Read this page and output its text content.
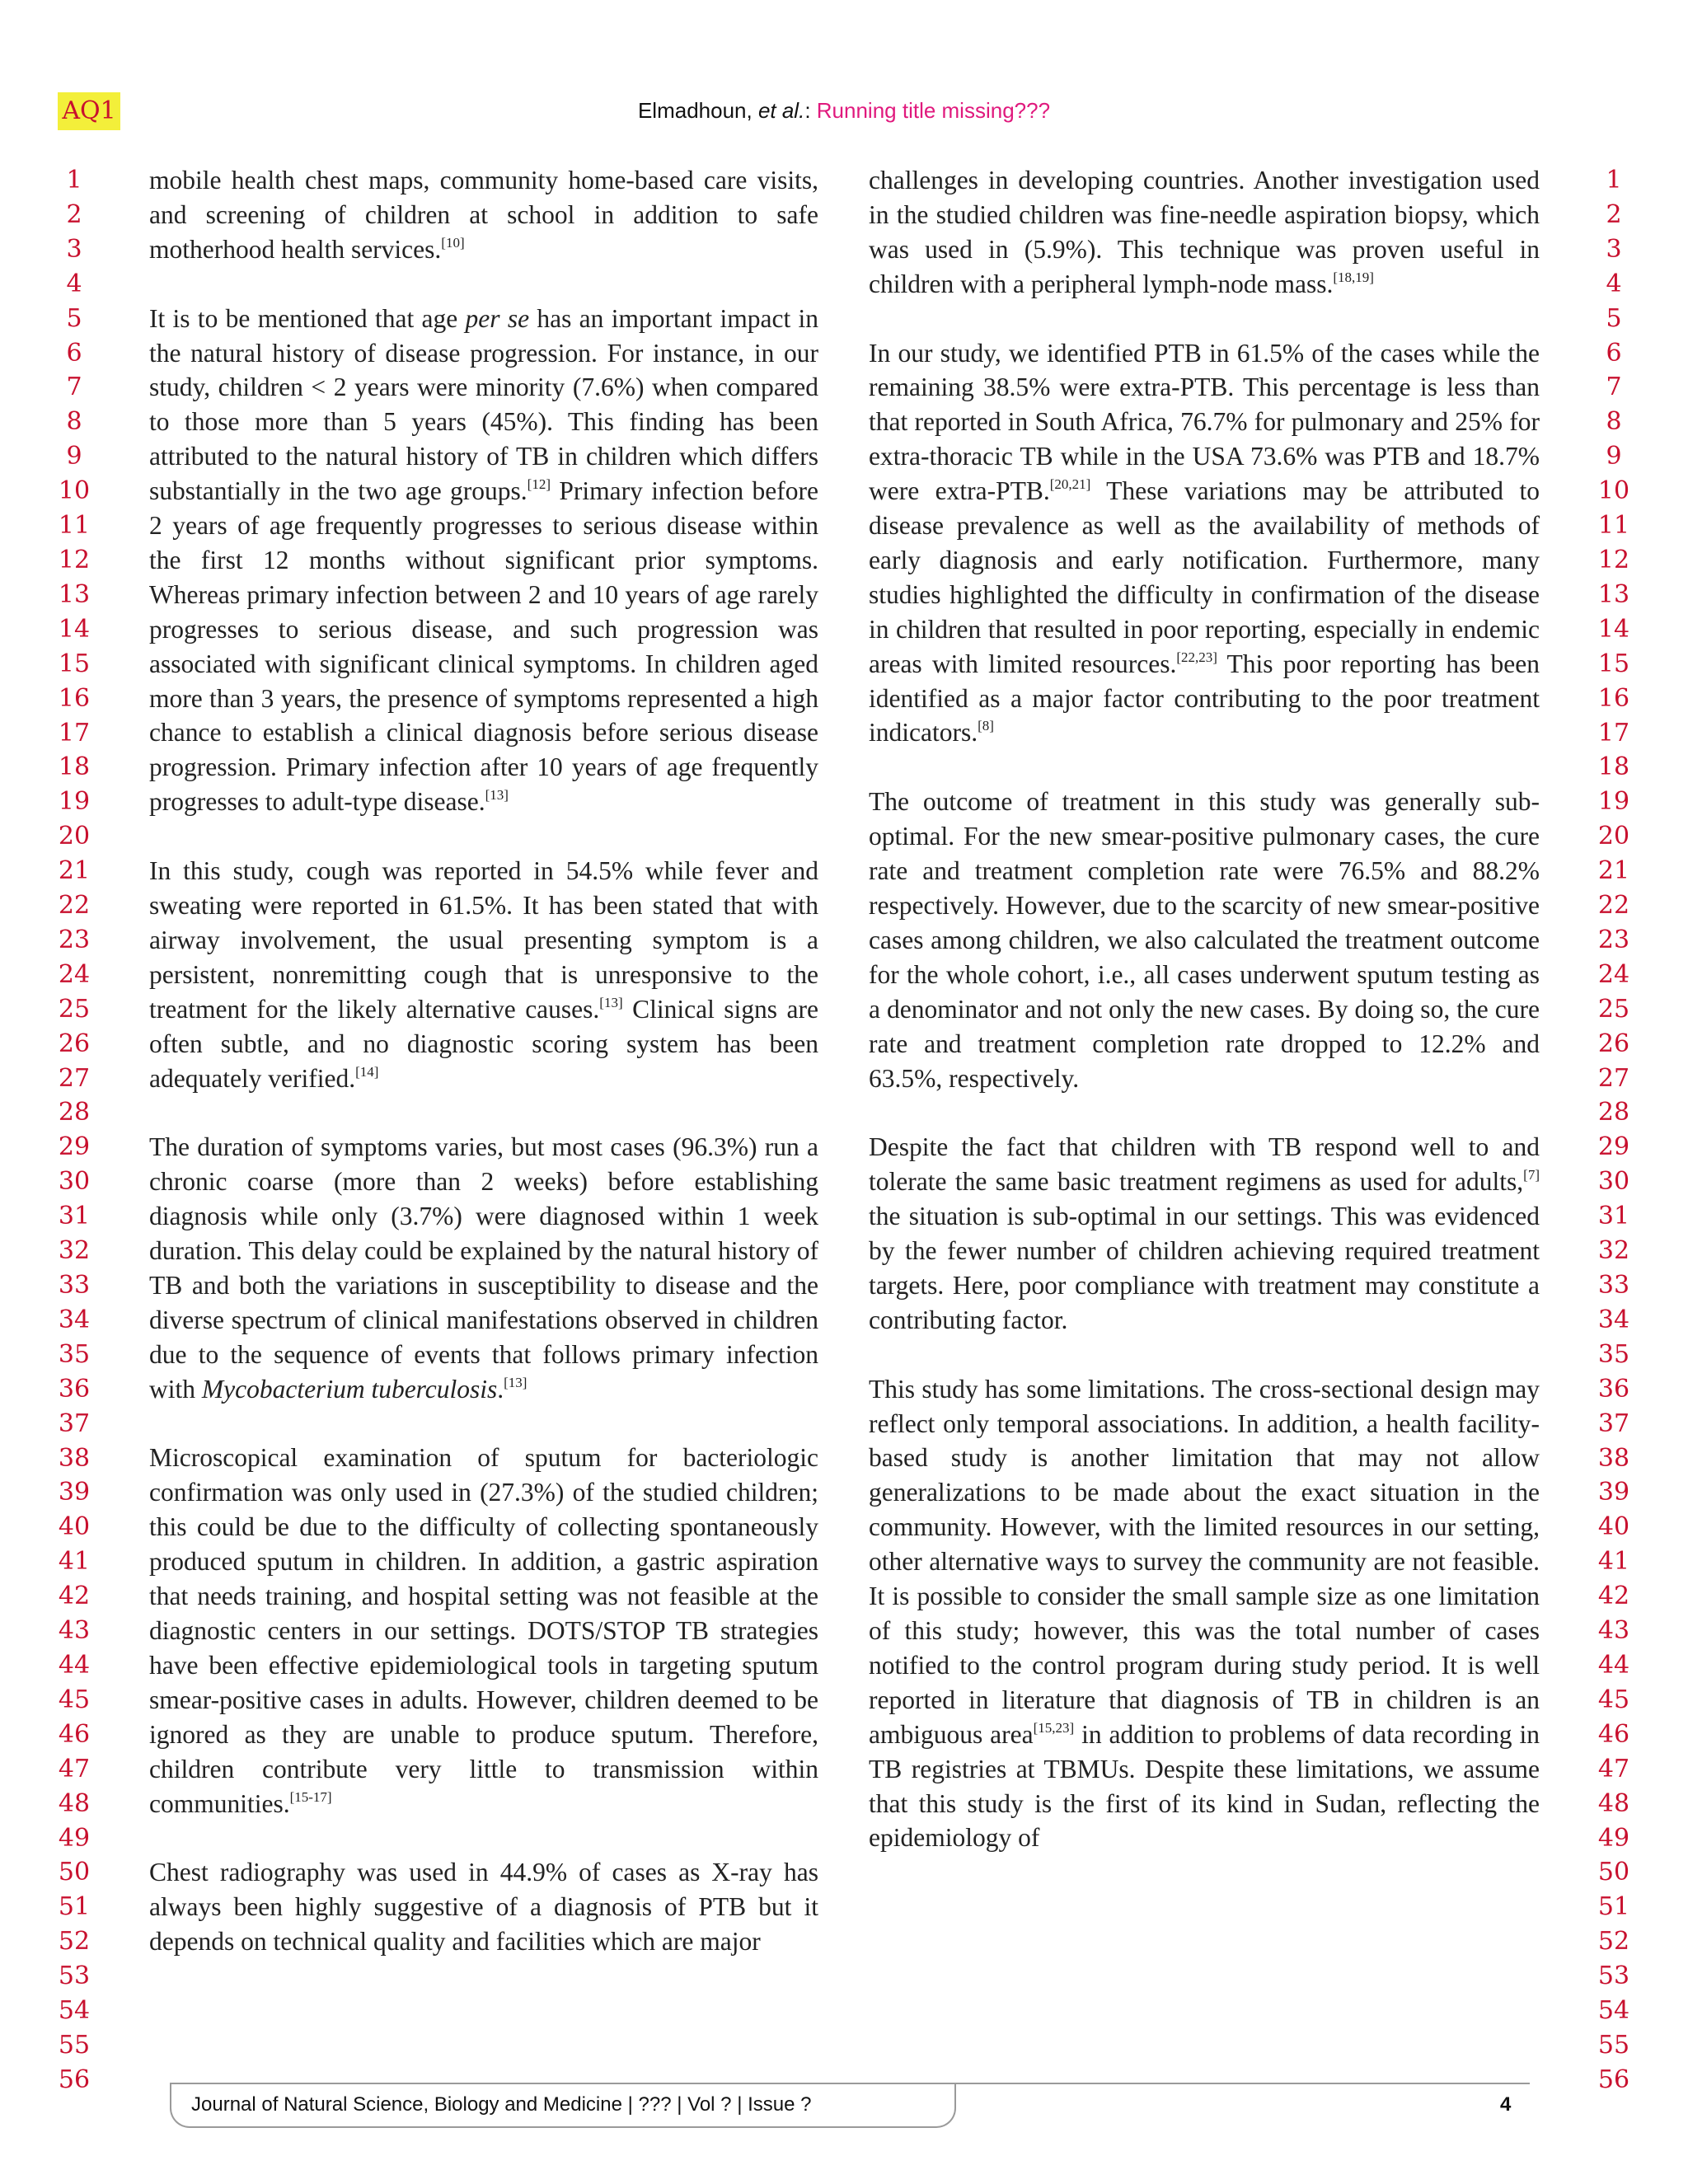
AQ1	Elmadhoun, et al.: Running title missing???
1
2
3
4
5
6
7
8
9
10
11
12
13
14
15
16
17
18
19
20
21
22
23
24
25
26
27
28
29
30
31
32
33
34
35
36
37
38
39
40
41
42
43
44
45
46
47
48
49
50
51
52
53
54
55
56
1
2
3
4
5
6
7
8
9
10
11
12
13
14
15
16
17
18
19
20
21
22
23
24
25
26
27
28
29
30
31
32
33
34
35
36
37
38
39
40
41
42
43
44
45
46
47
48
49
50
51
52
53
54
55
56

mobile health chest maps, community home-based care visits, and screening of children at school in addition to safe motherhood health services.[10]

It is to be mentioned that age per se has an important impact in the natural history of disease progression. For instance, in our study, children < 2 years were minority (7.6%) when compared to those more than 5 years (45%). This finding has been attributed to the natural history of TB in children which differs substantially in the two age groups.[12] Primary infection before 2 years of age frequently progresses to serious disease within the first 12 months without significant prior symptoms. Whereas primary infection between 2 and 10 years of age rarely progresses to serious disease, and such progression was associated with significant clinical symptoms. In children aged more than 3 years, the presence of symptoms represented a high chance to establish a clinical diagnosis before serious disease progression. Primary infection after 10 years of age frequently progresses to adult-type disease.[13]

In this study, cough was reported in 54.5% while fever and sweating were reported in 61.5%. It has been stated that with airway involvement, the usual presenting symptom is a persistent, nonremitting cough that is unresponsive to the treatment for the likely alternative causes.[13] Clinical signs are often subtle, and no diagnostic scoring system has been adequately verified.[14]

The duration of symptoms varies, but most cases (96.3%) run a chronic coarse (more than 2 weeks) before establishing diagnosis while only (3.7%) were diagnosed within 1 week duration. This delay could be explained by the natural history of TB and both the variations in susceptibility to disease and the diverse spectrum of clinical manifestations observed in children due to the sequence of events that follows primary infection with Mycobacterium tuberculosis.[13]

Microscopical examination of sputum for bacteriologic confirmation was only used in (27.3%) of the studied children; this could be due to the difficulty of collecting spontaneously produced sputum in children. In addition, a gastric aspiration that needs training, and hospital setting was not feasible at the diagnostic centers in our settings. DOTS/STOP TB strategies have been effective epidemiological tools in targeting sputum smear-positive cases in adults. However, children deemed to be ignored as they are unable to produce sputum. Therefore, children contribute very little to transmission within communities.[15-17]

Chest radiography was used in 44.9% of cases as X-ray has always been highly suggestive of a diagnosis of PTB but it depends on technical quality and facilities which are major

challenges in developing countries. Another investigation used in the studied children was fine-needle aspiration biopsy, which was used in (5.9%). This technique was proven useful in children with a peripheral lymph-node mass.[18,19]

In our study, we identified PTB in 61.5% of the cases while the remaining 38.5% were extra-PTB. This percentage is less than that reported in South Africa, 76.7% for pulmonary and 25% for extra-thoracic TB while in the USA 73.6% was PTB and 18.7% were extra-PTB.[20,21] These variations may be attributed to disease prevalence as well as the availability of methods of early diagnosis and early notification. Furthermore, many studies highlighted the difficulty in confirmation of the disease in children that resulted in poor reporting, especially in endemic areas with limited resources.[22,23] This poor reporting has been identified as a major factor contributing to the poor treatment indicators.[8]

The outcome of treatment in this study was generally sub-optimal. For the new smear-positive pulmonary cases, the cure rate and treatment completion rate were 76.5% and 88.2% respectively. However, due to the scarcity of new smear-positive cases among children, we also calculated the treatment outcome for the whole cohort, i.e., all cases underwent sputum testing as a denominator and not only the new cases. By doing so, the cure rate and treatment completion rate dropped to 12.2% and 63.5%, respectively.

Despite the fact that children with TB respond well to and tolerate the same basic treatment regimens as used for adults,[7] the situation is sub-optimal in our settings. This was evidenced by the fewer number of children achieving required treatment targets. Here, poor compliance with treatment may constitute a contributing factor.

This study has some limitations. The cross-sectional design may reflect only temporal associations. In addition, a health facility-based study is another limitation that may not allow generalizations to be made about the exact situation in the community. However, with the limited resources in our setting, other alternative ways to survey the community are not feasible. It is possible to consider the small sample size as one limitation of this study; however, this was the total number of cases notified to the control program during study period. It is well reported in literature that diagnosis of TB in children is an ambiguous area[15,23] in addition to problems of data recording in TB registries at TBMUs. Despite these limitations, we assume that this study is the first of its kind in Sudan, reflecting the epidemiology of

Journal of Natural Science, Biology and Medicine | ??? | Vol ? | Issue ?	4
